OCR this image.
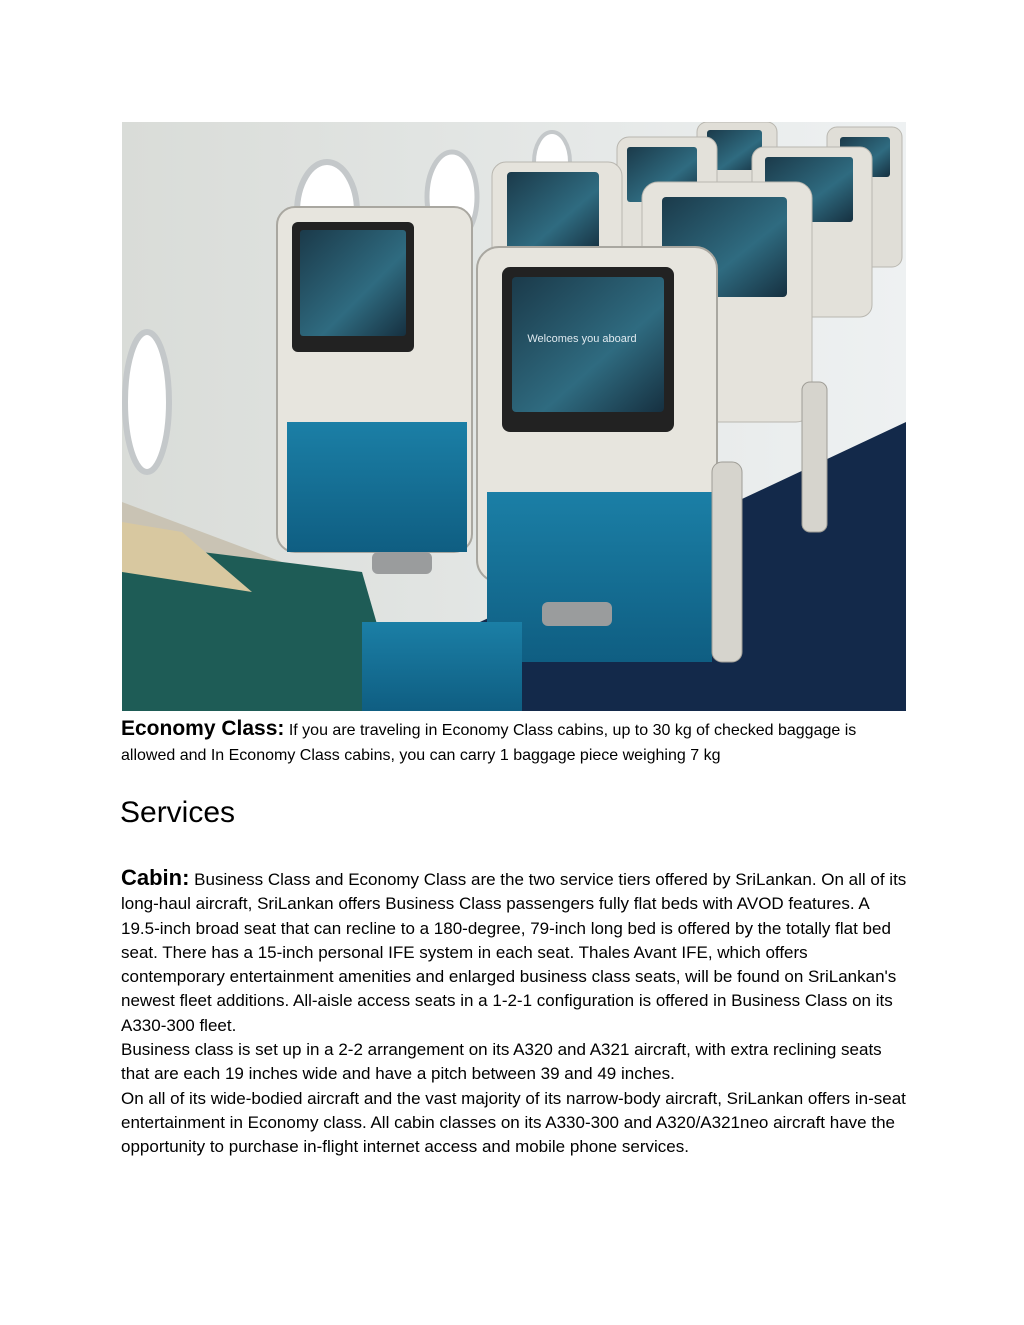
Welcomes you aboard

Economy Class: If you are traveling in Economy Class cabins, up to 30 kg of checked baggage is allowed and In Economy Class cabins, you can carry 1 baggage piece weighing 7 kg

Services

Cabin: Business Class and Economy Class are the two service tiers offered by SriLankan. On all of its long-haul aircraft, SriLankan offers Business Class passengers fully flat beds with AVOD features. A 19.5-inch broad seat that can recline to a 180-degree, 79-inch long bed is offered by the totally flat bed seat. There has a 15-inch personal IFE system in each seat. Thales Avant IFE, which offers contemporary entertainment amenities and enlarged business class seats, will be found on SriLankan's newest fleet additions. All-aisle access seats in a 1-2-1 configuration is offered in Business Class on its A330-300 fleet.

Business class is set up in a 2-2 arrangement on its A320 and A321 aircraft, with extra reclining seats that are each 19 inches wide and have a pitch between 39 and 49 inches.

On all of its wide-bodied aircraft and the vast majority of its narrow-body aircraft, SriLankan offers in-seat entertainment in Economy class. All cabin classes on its A330-300 and A320/A321neo aircraft have the opportunity to purchase in-flight internet access and mobile phone services.
